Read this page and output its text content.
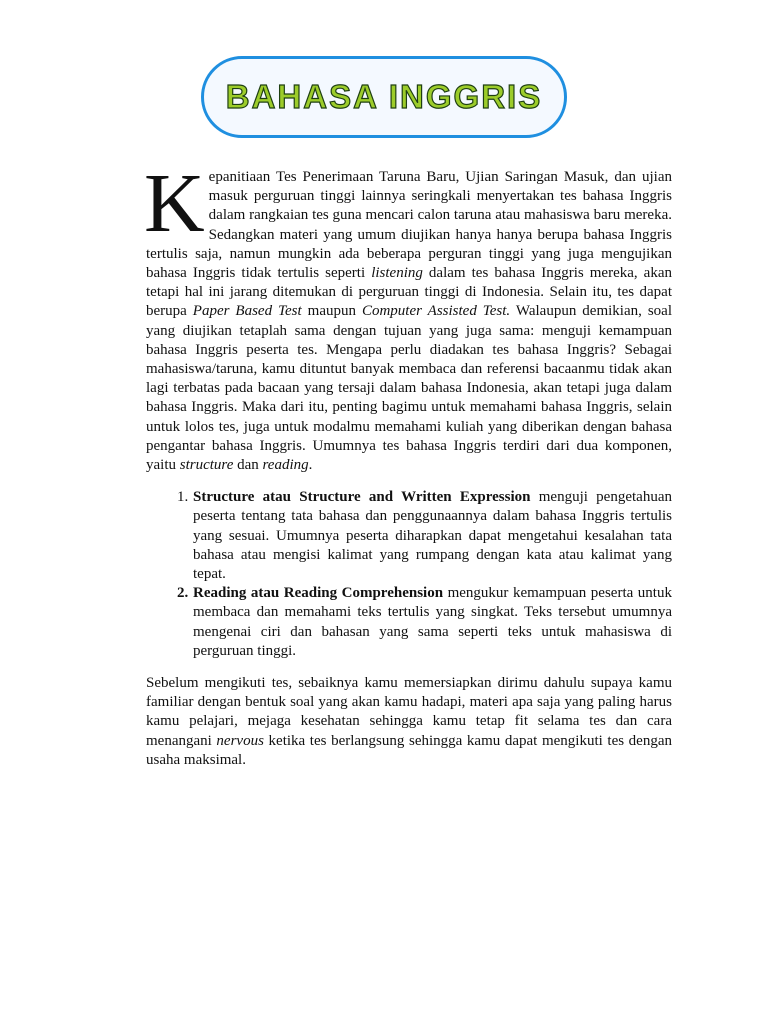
BAHASA INGGRIS

Kepanitiaan Tes Penerimaan Taruna Baru, Ujian Saringan Masuk, dan ujian masuk perguruan tinggi lainnya seringkali menyertakan tes bahasa Inggris dalam rangkaian tes guna mencari calon taruna atau mahasiswa baru mereka. Sedangkan materi yang umum diujikan hanya hanya berupa bahasa Inggris tertulis saja, namun mungkin ada beberapa perguran tinggi yang juga mengujikan bahasa Inggris tidak tertulis seperti listening dalam tes bahasa Inggris mereka, akan tetapi hal ini jarang ditemukan di perguruan tinggi di Indonesia. Selain itu, tes dapat berupa Paper Based Test maupun Computer Assisted Test. Walaupun demikian, soal yang diujikan tetaplah sama dengan tujuan yang juga sama: menguji kemampuan bahasa Inggris peserta tes. Mengapa perlu diadakan tes bahasa Inggris? Sebagai mahasiswa/taruna, kamu dituntut banyak membaca dan referensi bacaanmu tidak akan lagi terbatas pada bacaan yang tersaji dalam bahasa Indonesia, akan tetapi juga dalam bahasa Inggris. Maka dari itu, penting bagimu untuk memahami bahasa Inggris, selain untuk lolos tes, juga untuk modalmu memahami kuliah yang diberikan dengan bahasa pengantar bahasa Inggris. Umumnya tes bahasa Inggris terdiri dari dua komponen, yaitu structure dan reading.

1. Structure atau Structure and Written Expression menguji pengetahuan peserta tentang tata bahasa dan penggunaannya dalam bahasa Inggris tertulis yang sesuai. Umumnya peserta diharapkan dapat mengetahui kesalahan tata bahasa atau mengisi kalimat yang rumpang dengan kata atau kalimat yang tepat.
2. Reading atau Reading Comprehension mengukur kemampuan peserta untuk membaca dan memahami teks tertulis yang singkat. Teks tersebut umumnya mengenai ciri dan bahasan yang sama seperti teks untuk mahasiswa di perguruan tinggi.

Sebelum mengikuti tes, sebaiknya kamu memersiapkan dirimu dahulu supaya kamu familiar dengan bentuk soal yang akan kamu hadapi, materi apa saja yang paling harus kamu pelajari, mejaga kesehatan sehingga kamu tetap fit selama tes dan cara menangani nervous ketika tes berlangsung sehingga kamu dapat mengikuti tes dengan usaha maksimal.
